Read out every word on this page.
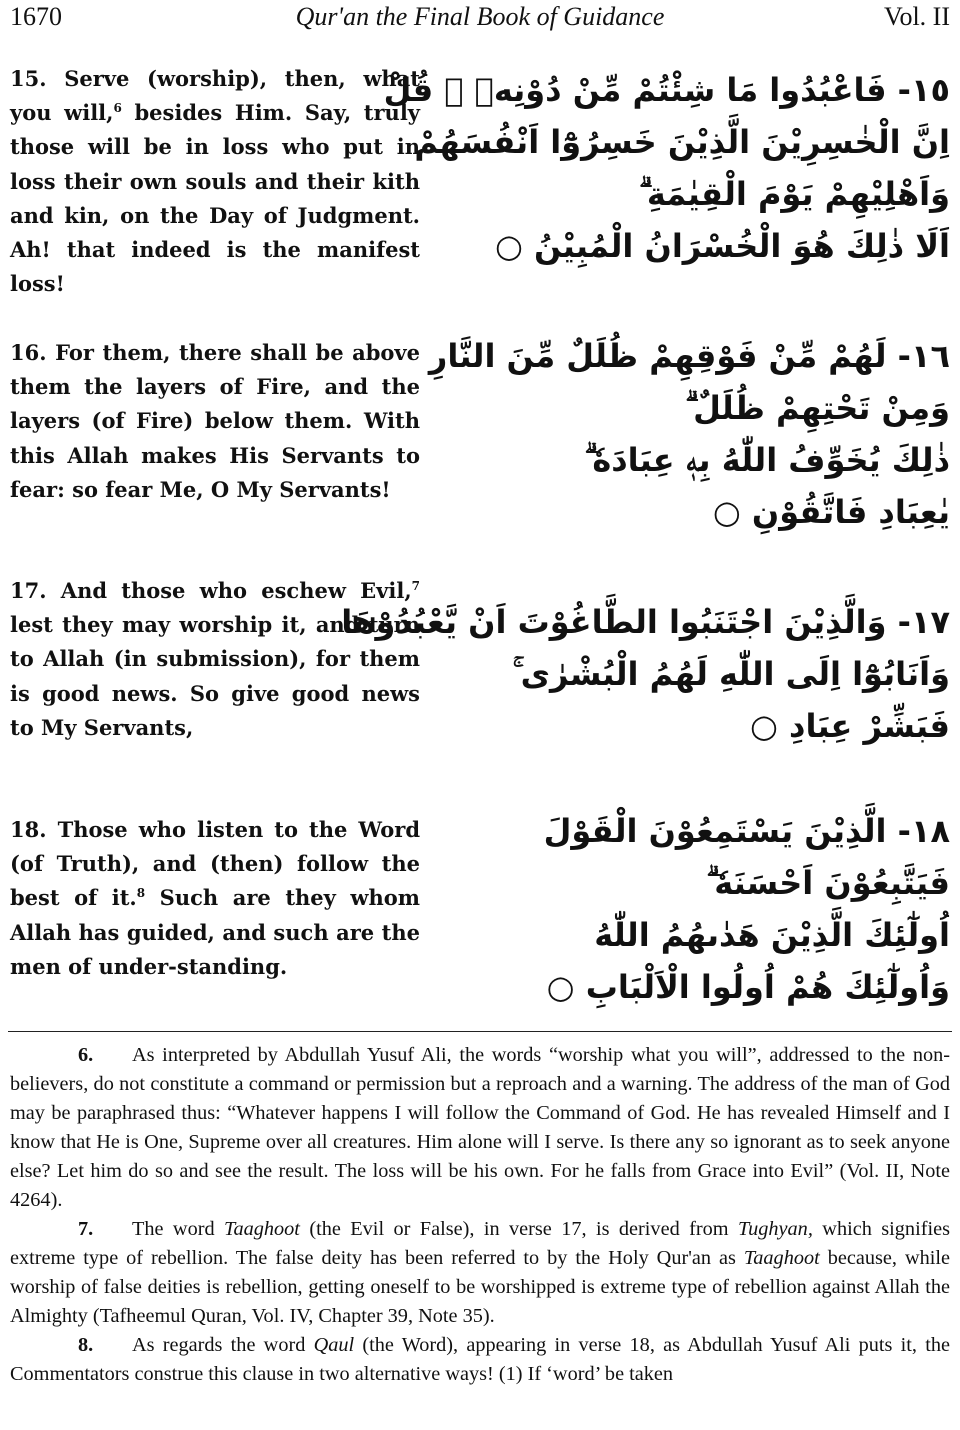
Qur'an the Final Book of Guidance
1670	Vol. II

15. Serve (worship), then, what you will,$^6$ besides Him. Say, truly those will be in loss who put in loss their own souls and their kith and kin, on the Day of Judgment. Ah! that indeed is the manifest loss!

١٥- فَاعْبُدُوا مَا شِئْتُمْ مِّنْ دُوْنِهٖ ۗ قُلْ
اِنَّ الْخٰسِرِيْنَ الَّذِيْنَ خَسِرُوْٓا اَنْفُسَهُمْ
وَاَهْلِيْهِمْ يَوْمَ الْقِيٰمَةِ ۗ
اَلَا ذٰلِكَ هُوَ الْخُسْرَانُ الْمُبِيْنُ ○

16. For them, there shall be above them the layers of Fire, and the layers (of Fire) below them. With this Allah makes His Servants to fear: so fear Me, O My Servants!

١٦- لَهُمْ مِّنْ فَوْقِهِمْ ظُلَلٌ مِّنَ النَّارِ
وَمِنْ تَحْتِهِمْ ظُلَلٌ ۗ
ذٰلِكَ يُخَوِّفُ اللّٰهُ بِهٖ عِبَادَهٗ ۗ
يٰعِبَادِ فَاتَّقُوْنِ ○

17. And those who eschew Evil,$^7$ lest they may worship it, and turn to Allah (in submission), for them is good news. So give good news to My Servants,

١٧- وَالَّذِيْنَ اجْتَنَبُوا الطَّاغُوْتَ اَنْ يَّعْبُدُوْهَا
وَاَنَابُوْٓا اِلَى اللّٰهِ لَهُمُ الْبُشْرٰى ۚ
فَبَشِّرْ عِبَادِ ○

18. Those who listen to the Word (of Truth), and (then) follow the best of it.$^8$ Such are they whom Allah has guided, and such are the men of under-standing.

١٨- الَّذِيْنَ يَسْتَمِعُوْنَ الْقَوْلَ
فَيَتَّبِعُوْنَ اَحْسَنَهٗ ۗ
اُولٰٓئِكَ الَّذِيْنَ هَدٰىهُمُ اللّٰهُ
وَاُولٰٓئِكَ هُمْ اُولُوا الْاَلْبَابِ ○

6. As interpreted by Abdullah Yusuf Ali, the words “worship what you will”, addressed to the non-believers, do not constitute a command or permission but a reproach and a warning. The address of the man of God may be paraphrased thus: “Whatever happens I will follow the Command of God. He has revealed Himself and I know that He is One, Supreme over all creatures. Him alone will I serve. Is there any so ignorant as to seek anyone else? Let him do so and see the result. The loss will be his own. For he falls from Grace into Evil” (Vol. II, Note 4264).

7. The word Taaghoot (the Evil or False), in verse 17, is derived from Tughyan, which signifies extreme type of rebellion. The false deity has been referred to by the Holy Qur'an as Taaghoot because, while worship of false deities is rebellion, getting oneself to be worshipped is extreme type of rebellion against Allah the Almighty (Tafheemul Quran, Vol. IV, Chapter 39, Note 35).

8. As regards the word Qaul (the Word), appearing in verse 18, as Abdullah Yusuf Ali puts it, the Commentators construe this clause in two alternative ways! (1) If ‘word’ be taken
